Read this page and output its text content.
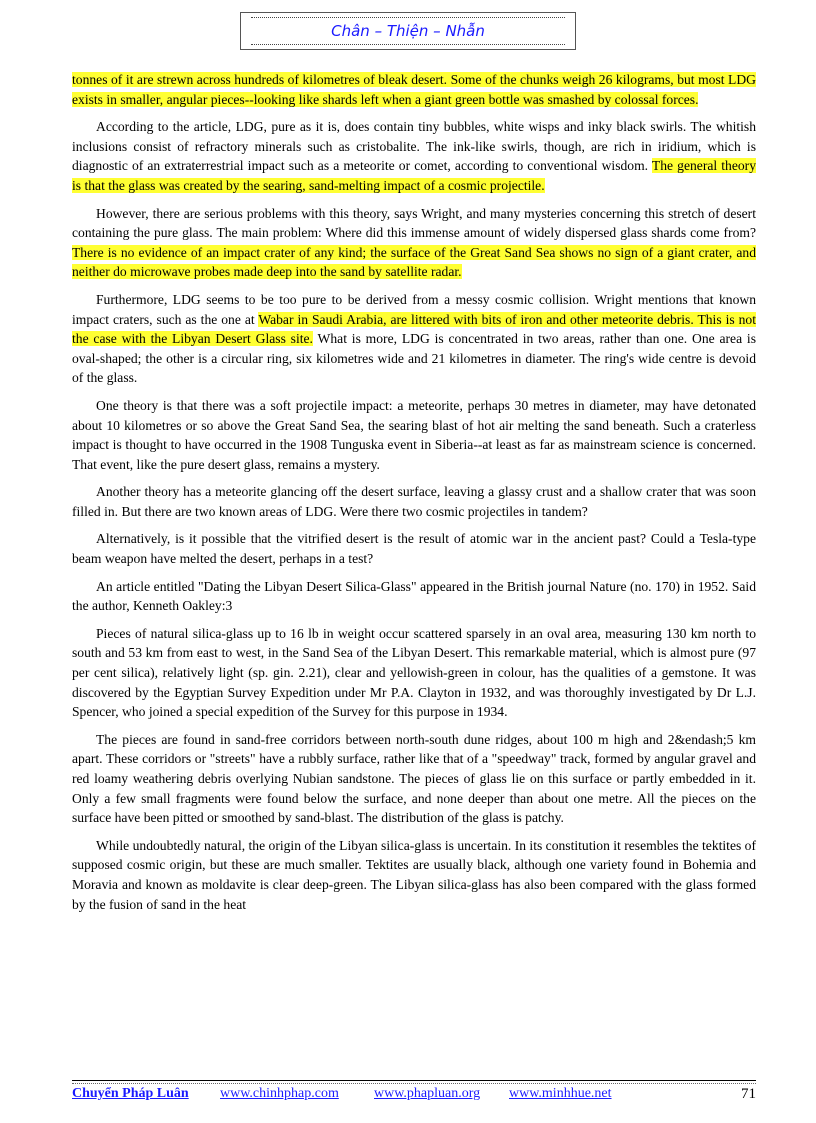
Chân – Thiện – Nhẫn

tonnes of it are strewn across hundreds of kilometres of bleak desert. Some of the chunks weigh 26 kilograms, but most LDG exists in smaller, angular pieces--looking like shards left when a giant green bottle was smashed by colossal forces.

According to the article, LDG, pure as it is, does contain tiny bubbles, white wisps and inky black swirls. The whitish inclusions consist of refractory minerals such as cristobalite. The ink-like swirls, though, are rich in iridium, which is diagnostic of an extraterrestrial impact such as a meteorite or comet, according to conventional wisdom. The general theory is that the glass was created by the searing, sand-melting impact of a cosmic projectile.

However, there are serious problems with this theory, says Wright, and many mysteries concerning this stretch of desert containing the pure glass. The main problem: Where did this immense amount of widely dispersed glass shards come from? There is no evidence of an impact crater of any kind; the surface of the Great Sand Sea shows no sign of a giant crater, and neither do microwave probes made deep into the sand by satellite radar.

Furthermore, LDG seems to be too pure to be derived from a messy cosmic collision. Wright mentions that known impact craters, such as the one at Wabar in Saudi Arabia, are littered with bits of iron and other meteorite debris. This is not the case with the Libyan Desert Glass site. What is more, LDG is concentrated in two areas, rather than one. One area is oval-shaped; the other is a circular ring, six kilometres wide and 21 kilometres in diameter. The ring's wide centre is devoid of the glass.

One theory is that there was a soft projectile impact: a meteorite, perhaps 30 metres in diameter, may have detonated about 10 kilometres or so above the Great Sand Sea, the searing blast of hot air melting the sand beneath. Such a craterless impact is thought to have occurred in the 1908 Tunguska event in Siberia--at least as far as mainstream science is concerned. That event, like the pure desert glass, remains a mystery.

Another theory has a meteorite glancing off the desert surface, leaving a glassy crust and a shallow crater that was soon filled in. But there are two known areas of LDG. Were there two cosmic projectiles in tandem?

Alternatively, is it possible that the vitrified desert is the result of atomic war in the ancient past? Could a Tesla-type beam weapon have melted the desert, perhaps in a test?

An article entitled "Dating the Libyan Desert Silica-Glass" appeared in the British journal Nature (no. 170) in 1952. Said the author, Kenneth Oakley:3

Pieces of natural silica-glass up to 16 lb in weight occur scattered sparsely in an oval area, measuring 130 km north to south and 53 km from east to west, in the Sand Sea of the Libyan Desert. This remarkable material, which is almost pure (97 per cent silica), relatively light (sp. gin. 2.21), clear and yellowish-green in colour, has the qualities of a gemstone. It was discovered by the Egyptian Survey Expedition under Mr P.A. Clayton in 1932, and was thoroughly investigated by Dr L.J. Spencer, who joined a special expedition of the Survey for this purpose in 1934.

The pieces are found in sand-free corridors between north-south dune ridges, about 100 m high and 2&endash;5 km apart. These corridors or "streets" have a rubbly surface, rather like that of a "speedway" track, formed by angular gravel and red loamy weathering debris overlying Nubian sandstone. The pieces of glass lie on this surface or partly embedded in it. Only a few small fragments were found below the surface, and none deeper than about one metre. All the pieces on the surface have been pitted or smoothed by sand-blast. The distribution of the glass is patchy.

While undoubtedly natural, the origin of the Libyan silica-glass is uncertain. In its constitution it resembles the tektites of supposed cosmic origin, but these are much smaller. Tektites are usually black, although one variety found in Bohemia and Moravia and known as moldavite is clear deep-green. The Libyan silica-glass has also been compared with the glass formed by the fusion of sand in the heat

Chuyển Pháp Luân www.chinhphap.com	www.phapluan.org www.minhhue.net	71
